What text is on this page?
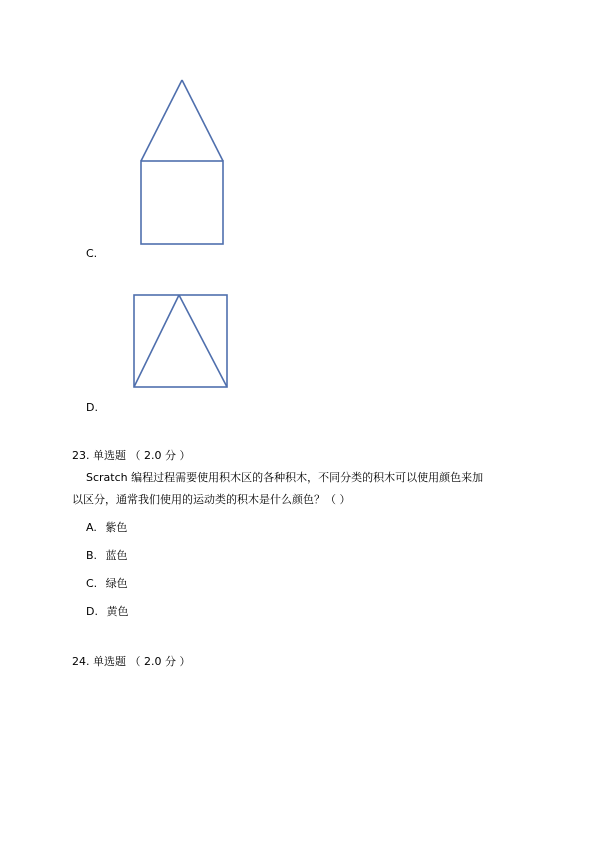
C.
D.
23. 单选题 （ 2.0 分 ）
Scratch 编程过程需要使用积木区的各种积木，不同分类的积木可以使用颜色来加
以区分，通常我们使用的运动类的积木是什么颜色？（ ）
A. 紫色
B. 蓝色
C. 绿色
D. 黄色
24. 单选题 （ 2.0 分 ）
